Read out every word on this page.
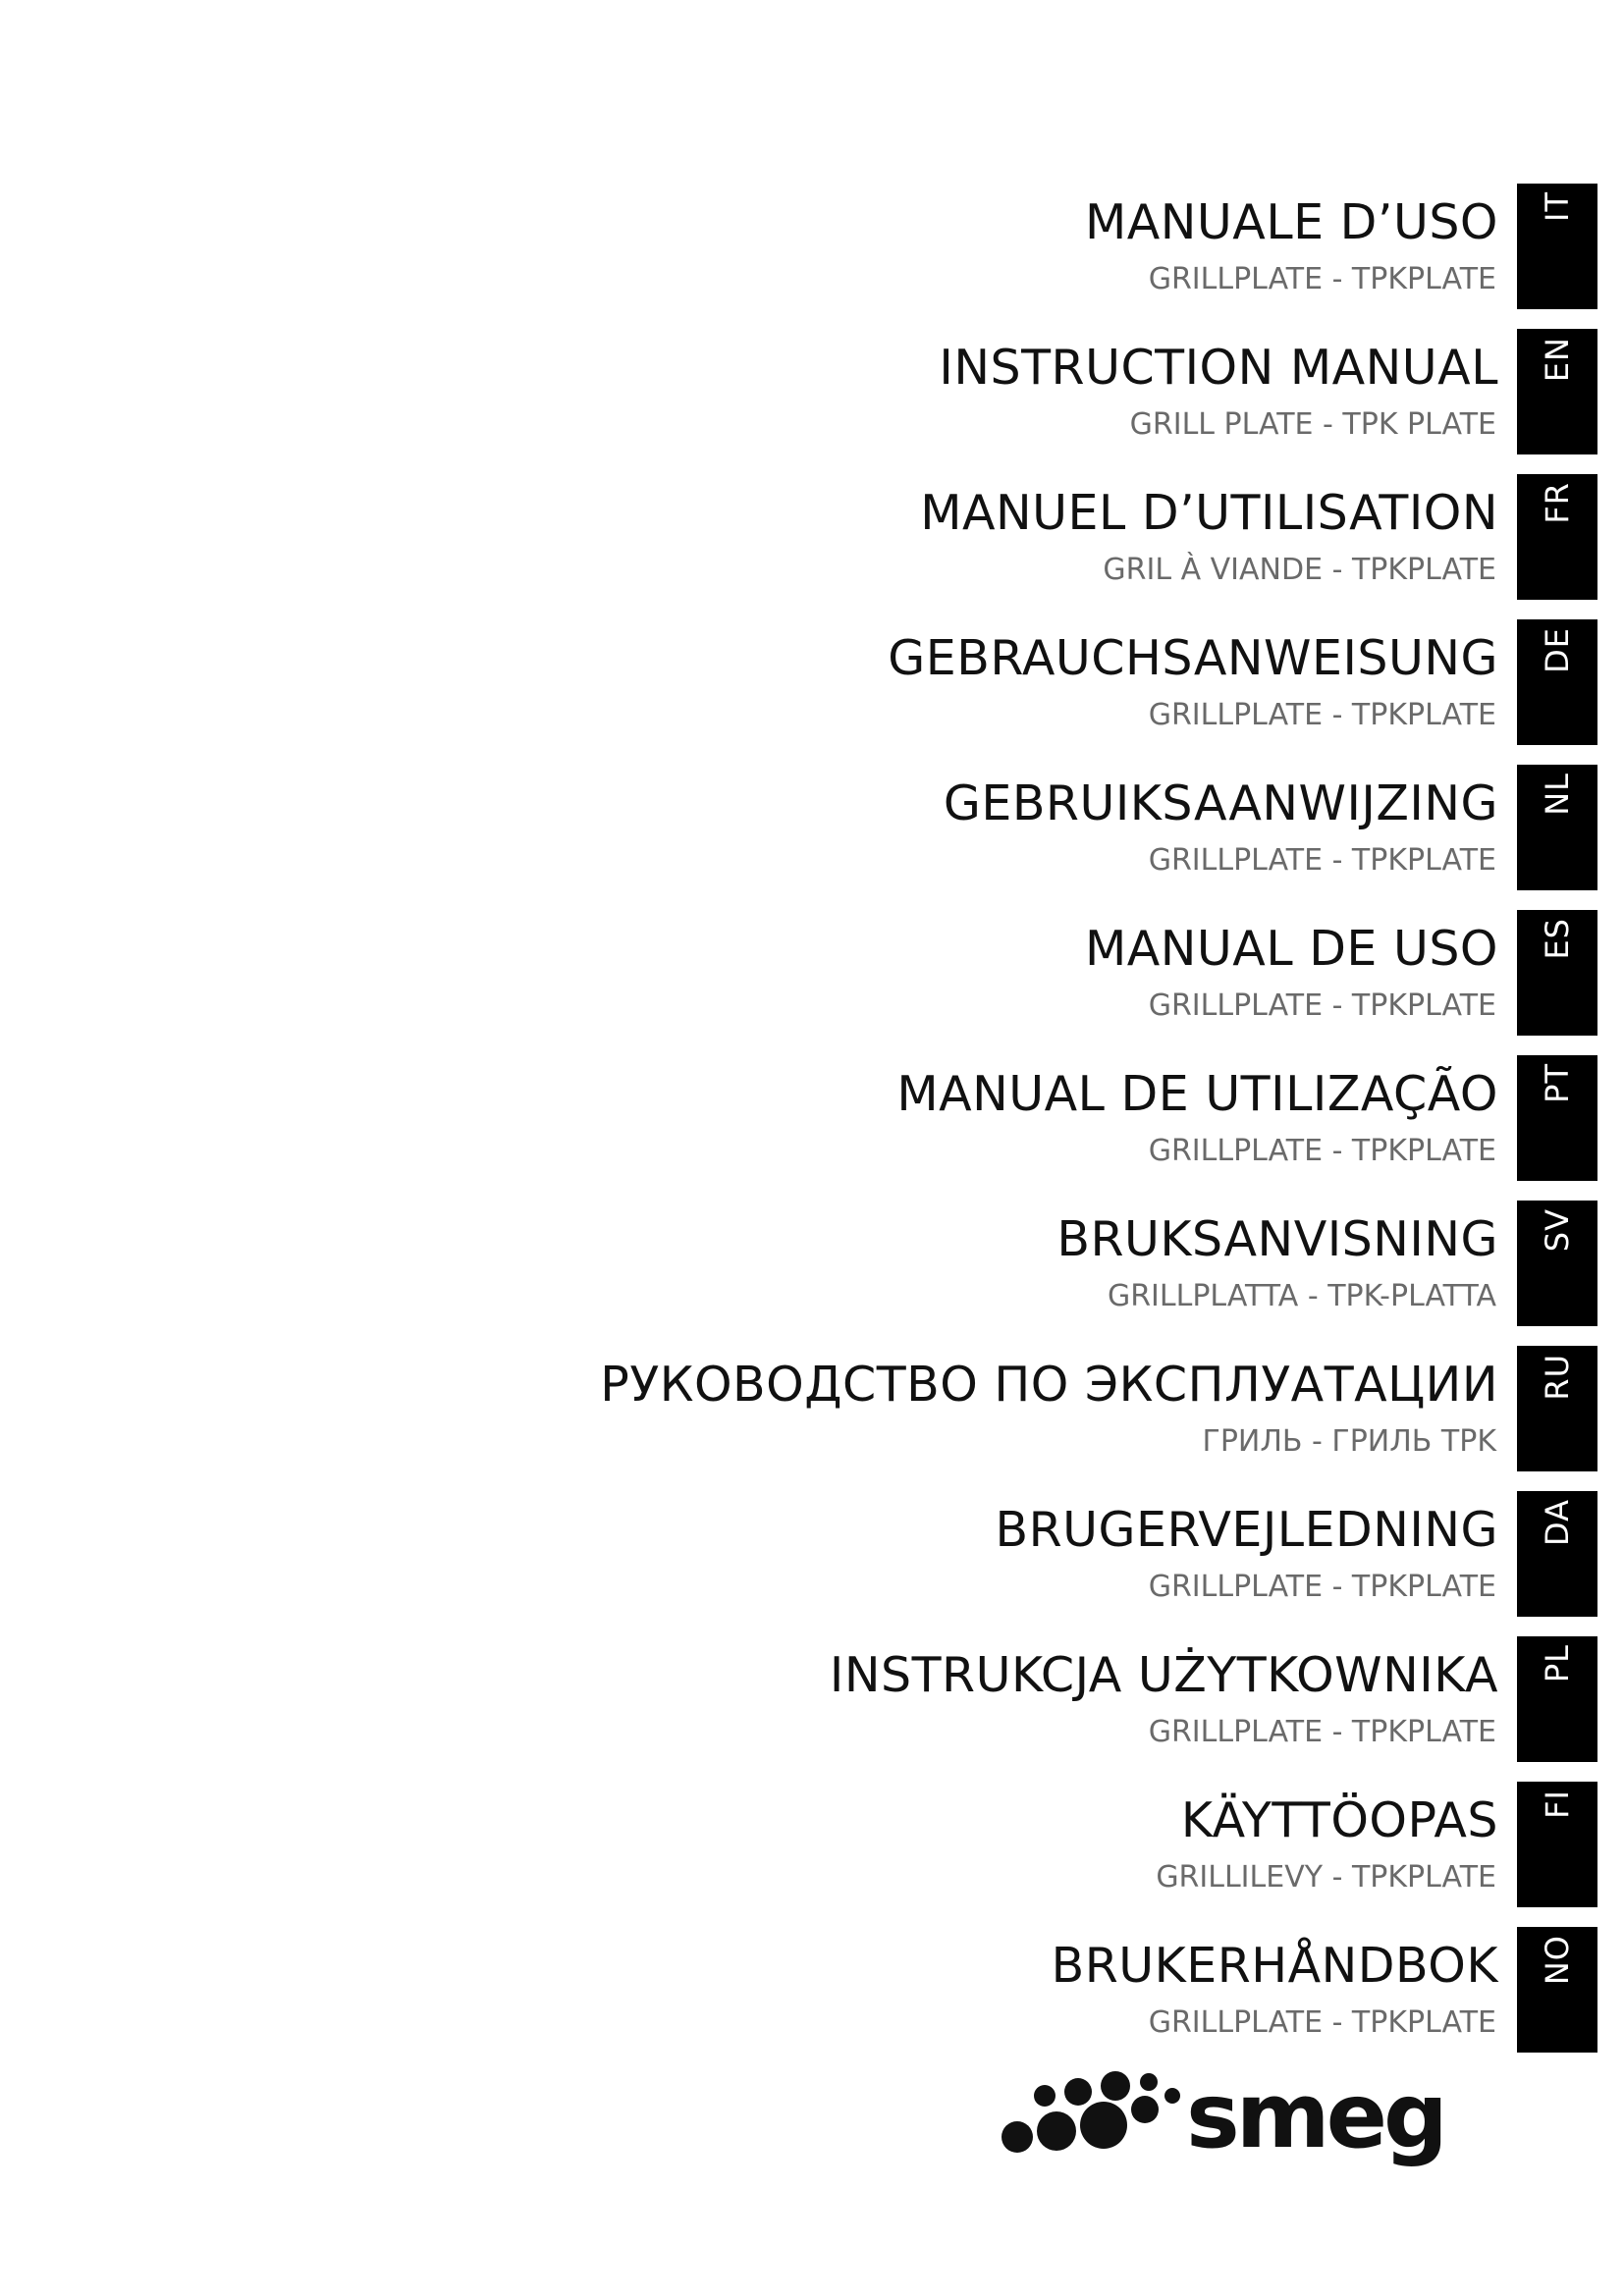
MANUALE D’USO
GRILLPLATE - TPKPLATE
IT
INSTRUCTION MANUAL
GRILL PLATE - TPK PLATE
EN
MANUEL D’UTILISATION
GRIL À VIANDE - TPKPLATE
FR
GEBRAUCHSANWEISUNG
GRILLPLATE - TPKPLATE
DE
GEBRUIKSAANWIJZING
GRILLPLATE - TPKPLATE
NL
MANUAL DE USO
GRILLPLATE - TPKPLATE
ES
MANUAL DE UTILIZAÇÃO
GRILLPLATE - TPKPLATE
PT
BRUKSANVISNING
GRILLPLATTA - TPK-PLATTA
SV
РУКОВОДСТВО ПО ЭКСПЛУАТАЦИИ
ГРИЛЬ - ГРИЛЬ TPK
RU
BRUGERVEJLEDNING
GRILLPLATE - TPKPLATE
DA
INSTRUKCJA UŻYTKOWNIKA
GRILLPLATE - TPKPLATE
PL
KÄYTTÖOPAS
GRILLILEVY - TPKPLATE
FI
BRUKERHÅNDBOK
GRILLPLATE - TPKPLATE
NO
smeg
